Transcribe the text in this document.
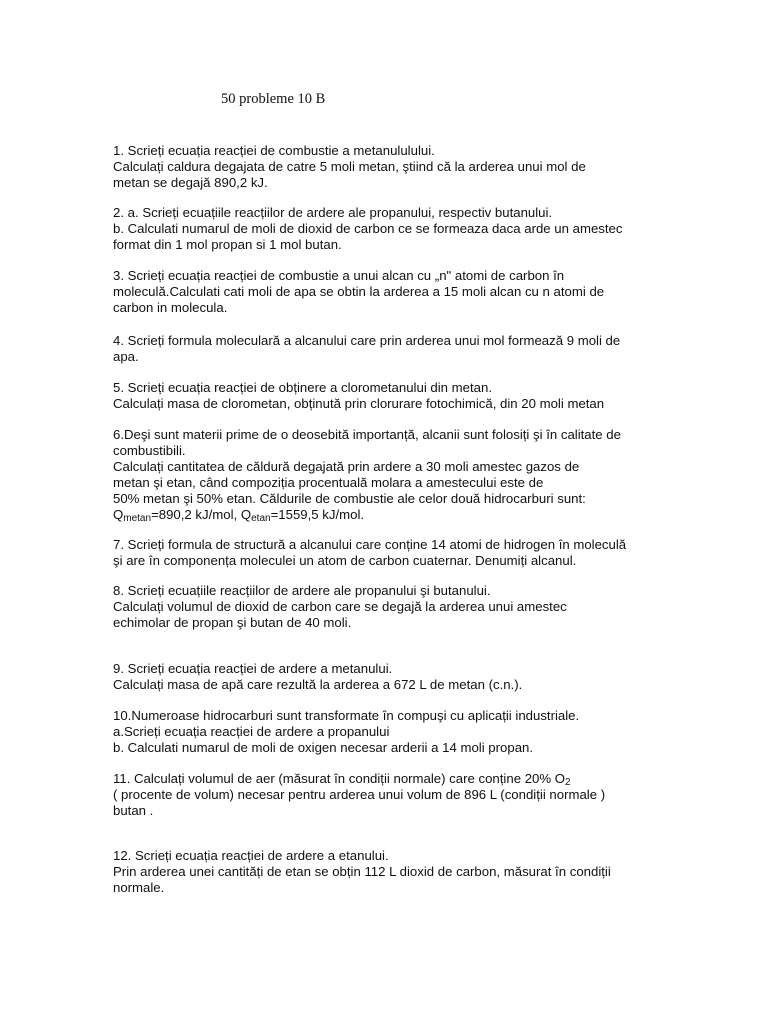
50 probleme 10 B
1. Scrieți ecuația reacției de combustie a metanululului.
Calculați caldura degajata de catre 5 moli metan, ştiind că la arderea unui mol de
metan se degajă 890,2 kJ.
2. a. Scrieți ecuațiile reacțiilor de ardere ale propanului, respectiv butanului.
b. Calculati numarul de moli de dioxid de carbon ce se formeaza daca arde un amestec
format din 1 mol propan si 1 mol butan.
3. Scrieți ecuația reacției de combustie a unui alcan cu „n" atomi de carbon în
moleculă.Calculati cati moli de apa se obtin la arderea a 15 moli alcan cu n atomi de
carbon in molecula.
4. Scrieți formula moleculară a alcanului care prin arderea unui mol formează 9 moli de
apa.
5. Scrieți ecuația reacției de obținere a clorometanului din metan.
Calculați masa de clorometan, obținută prin clorurare fotochimică, din 20 moli metan
6.Deşi sunt materii prime de o deosebită importanță, alcanii sunt folosiți şi în calitate de
combustibili.
Calculați cantitatea de căldură degajată prin ardere a 30 moli amestec gazos de
metan şi etan, când compoziția procentuală molara a amestecului este de
50% metan şi 50% etan. Căldurile de combustie ale celor două hidrocarburi sunt:
$Q_{metan}=890,2$ kJ/mol, $Q_{etan}=1559,5$ kJ/mol.
7. Scrieți formula de structură a alcanului care conține 14 atomi de hidrogen în moleculă
şi are în componența moleculei un atom de carbon cuaternar. Denumiți alcanul.
8. Scrieți ecuațiile reacțiilor de ardere ale propanului şi butanului.
Calculați volumul de dioxid de carbon care se degajă la arderea unui amestec
echimolar de propan şi butan de 40 moli.
9. Scrieți ecuația reacției de ardere a metanului.
Calculați masa de apă care rezultă la arderea a 672 L de metan (c.n.).
10.Numeroase hidrocarburi sunt transformate în compuşi cu aplicații industriale.
a.Scrieți ecuația reacției de ardere a propanului
b. Calculati numarul de moli de oxigen necesar arderii a 14 moli propan.
11. Calculați volumul de aer (măsurat în condiții normale) care conține 20% $O_2$
( procente de volum) necesar pentru arderea unui volum de 896 L (condiții normale )
butan .
12. Scrieți ecuația reacției de ardere a etanului.
Prin arderea unei cantități de etan se obțin 112 L dioxid de carbon, măsurat în condiții
normale.
